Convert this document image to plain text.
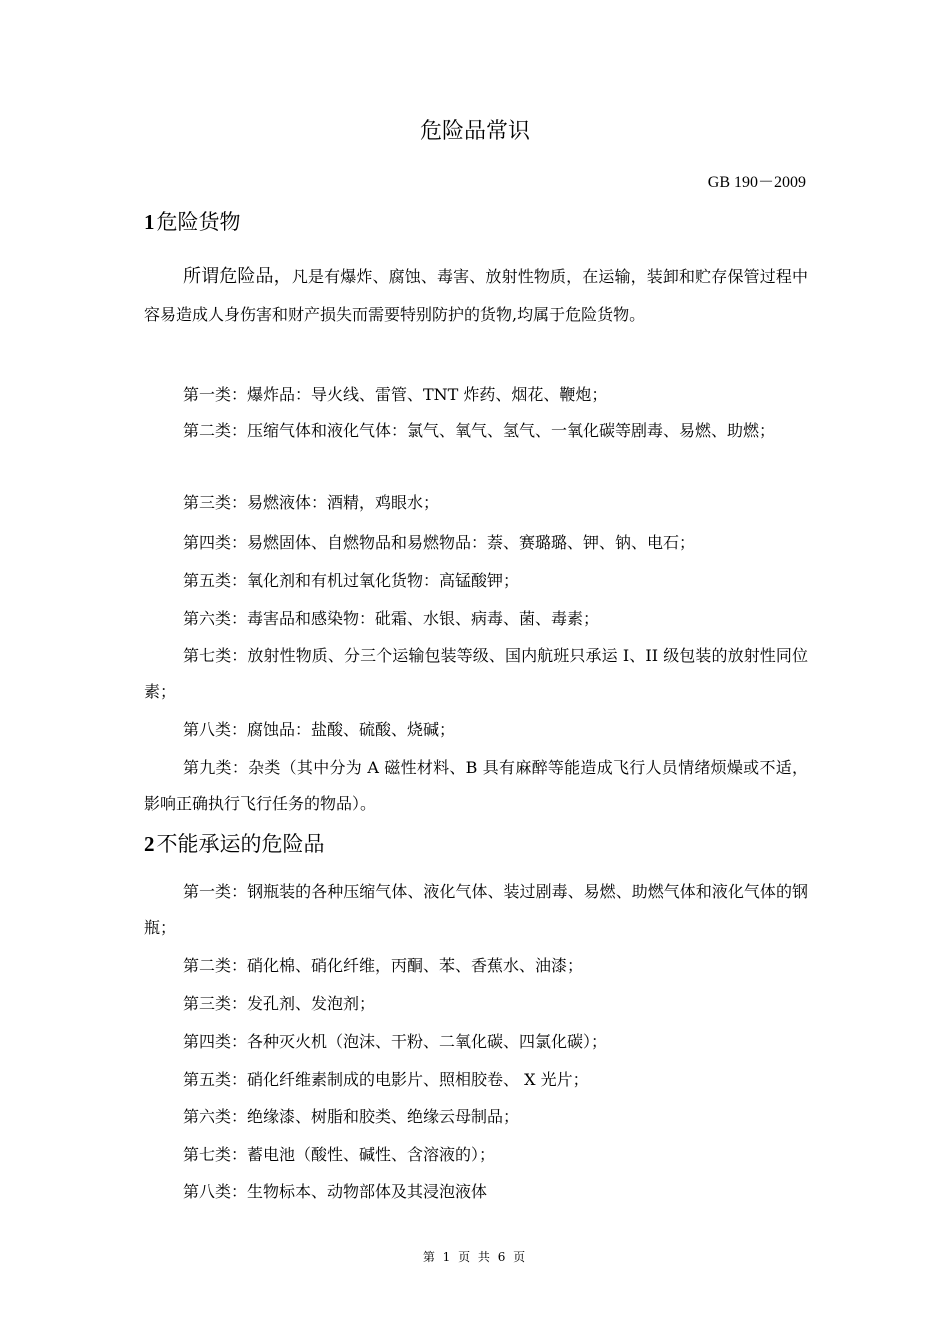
危险品常识
GB 190－2009
1危险货物
所谓危险品，凡是有爆炸、腐蚀、毒害、放射性物质，在运输，装卸和贮存保管过程中容易造成人身伤害和财产损失而需要特别防护的货物,均属于危险货物。
第一类：爆炸品：导火线、雷管、TNT 炸药、烟花、鞭炮；
第二类：压缩气体和液化气体：氯气、氧气、氢气、一氧化碳等剧毒、易燃、助燃；
第三类：易燃液体：酒精，鸡眼水；
第四类：易燃固体、自燃物品和易燃物品：萘、赛璐璐、钾、钠、电石；
第五类：氧化剂和有机过氧化货物：高锰酸钾；
第六类：毒害品和感染物：砒霜、水银、病毒、菌、毒素；
第七类：放射性物质、分三个运输包装等级、国内航班只承运 I、II 级包装的放射性同位素；
第八类：腐蚀品：盐酸、硫酸、烧碱；
第九类：杂类（其中分为 A 磁性材料、B 具有麻醉等能造成飞行人员情绪烦燥或不适，影响正确执行飞行任务的物品）。
2不能承运的危险品
第一类：钢瓶装的各种压缩气体、液化气体、装过剧毒、易燃、助燃气体和液化气体的钢瓶；
第二类：硝化棉、硝化纤维，丙酮、苯、香蕉水、油漆；
第三类：发孔剂、发泡剂；
第四类：各种灭火机（泡沫、干粉、二氧化碳、四氯化碳）；
第五类：硝化纤维素制成的电影片、照相胶卷、 X 光片；
第六类：绝缘漆、树脂和胶类、绝缘云母制品；
第七类：蓄电池（酸性、碱性、含溶液的）；
第八类：生物标本、动物部体及其浸泡液体
第 1 页 共 6 页
